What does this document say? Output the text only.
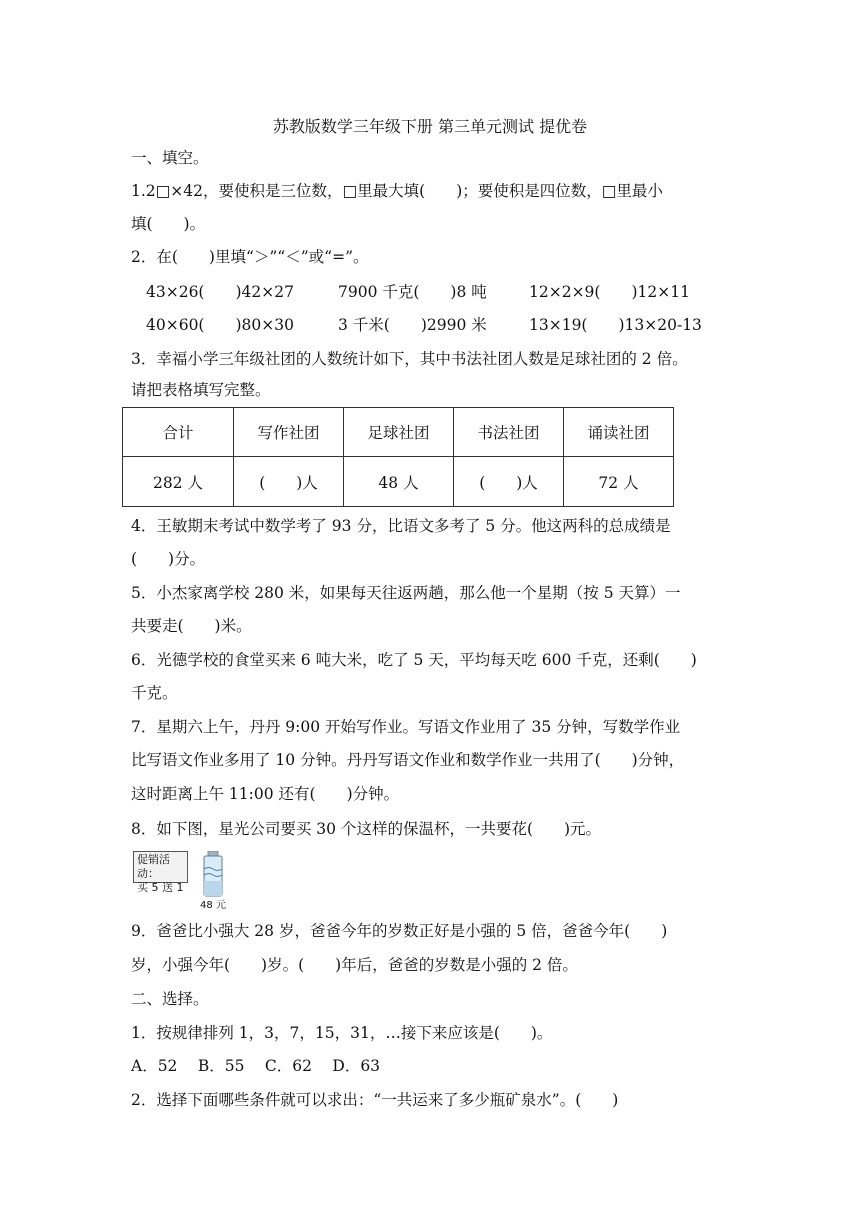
苏教版数学三年级下册 第三单元测试 提优卷
一、填空。
1.2□×42，要使积是三位数，□里最大填(　　)；要使积是四位数，□里最小
填(　　)。
2．在(　　)里填“＞”“＜”或“=”。
43×26(　　)42×27	7900 千克(　　)8 吨	12×2×9(　　)12×11
40×60(　　)80×30	3 千米(　　)2990 米	13×19(　　)13×20-13
3．幸福小学三年级社团的人数统计如下，其中书法社团人数是足球社团的 2 倍。
请把表格填写完整。
合计	写作社团	足球社团	书法社团	诵读社团
282 人	(　　)人	48 人	(　　)人	72 人
4．王敏期末考试中数学考了 93 分，比语文多考了 5 分。他这两科的总成绩是
(　　)分。
5．小杰家离学校 280 米，如果每天往返两趟，那么他一个星期（按 5 天算）一
共要走(　　)米。
6．光德学校的食堂买来 6 吨大米，吃了 5 天，平均每天吃 600 千克，还剩(　　)
千克。
7．星期六上午，丹丹 9:00 开始写作业。写语文作业用了 35 分钟，写数学作业
比写语文作业多用了 10 分钟。丹丹写语文作业和数学作业一共用了(　　)分钟，
这时距离上午 11:00 还有(　　)分钟。
8．如下图，星光公司要买 30 个这样的保温杯，一共要花(　　)元。
促销活动：
买 5 送 1
48 元
9．爸爸比小强大 28 岁，爸爸今年的岁数正好是小强的 5 倍，爸爸今年(　　)
岁，小强今年(　　)岁。(　　)年后，爸爸的岁数是小强的 2 倍。
二、选择。
1．按规律排列 1，3，7，15，31，…接下来应该是(　　)。
A．52　 B．55　 C．62　 D．63
2．选择下面哪些条件就可以求出：“一共运来了多少瓶矿泉水”。(　　)
